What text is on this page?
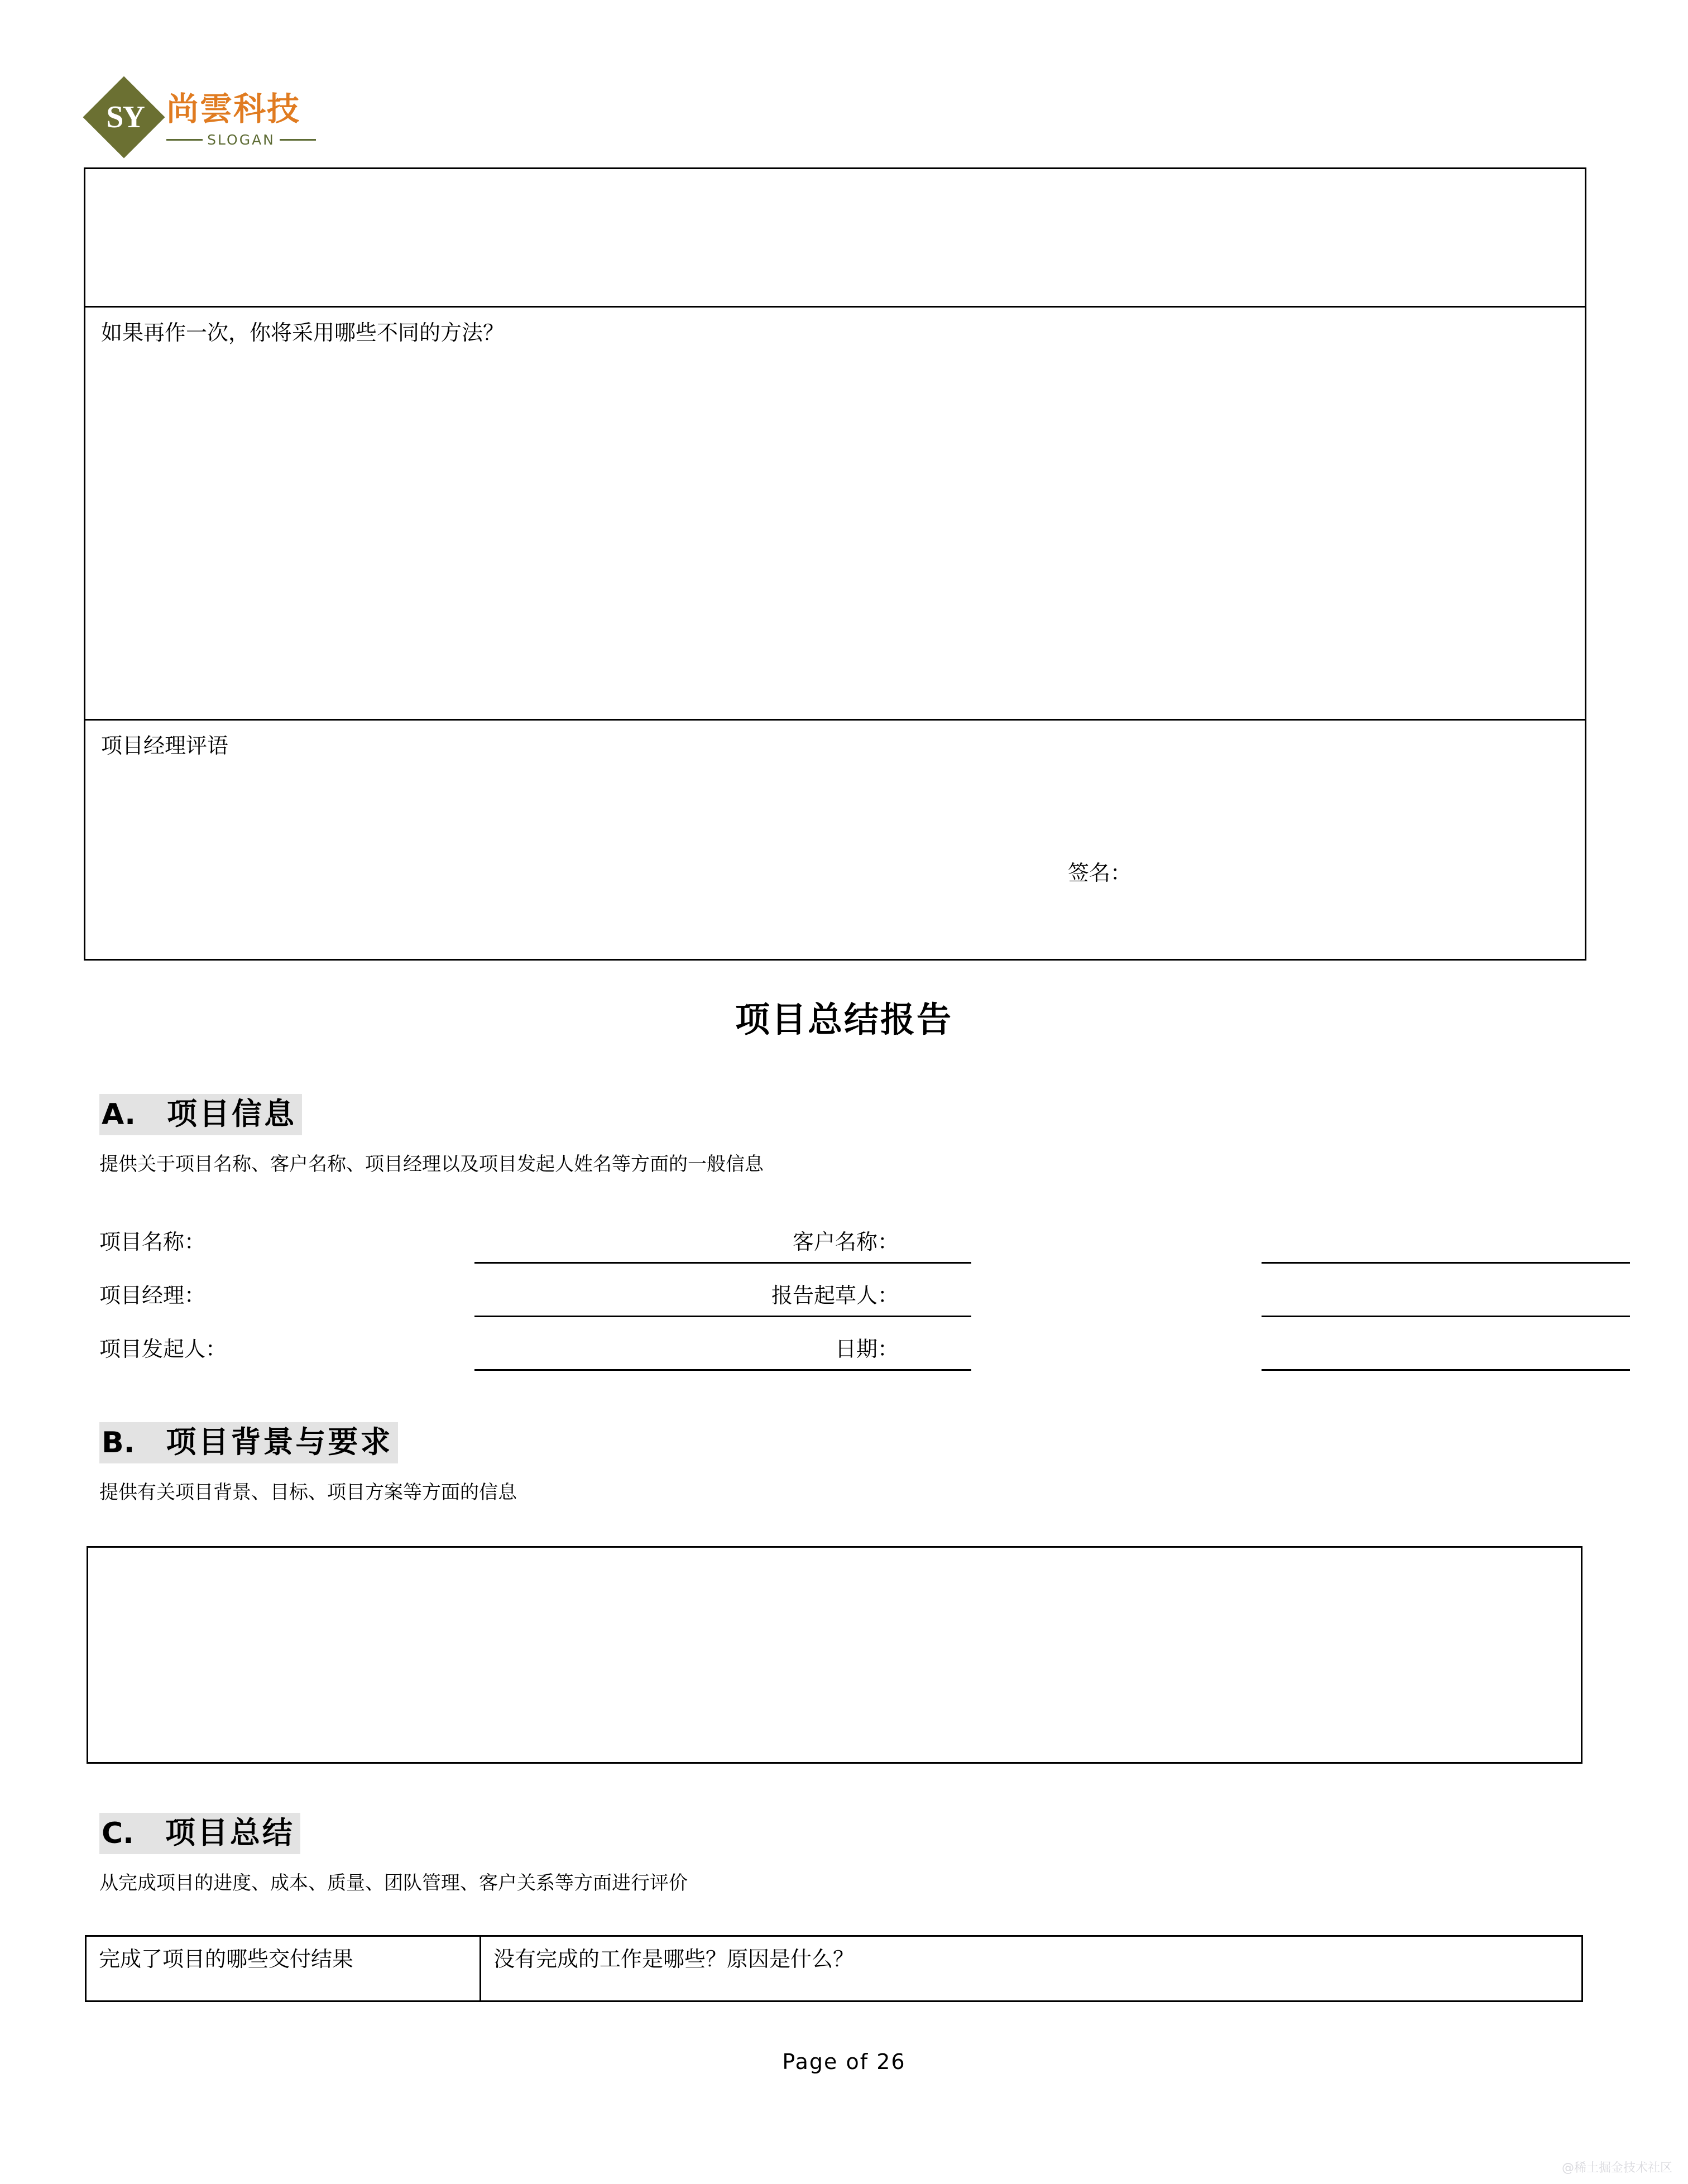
SY 尚雲科技
SLOGAN
如果再作一次，你将采用哪些不同的方法？
项目经理评语
签名：
项目总结报告
A. 项目信息
提供关于项目名称、客户名称、项目经理以及项目发起人姓名等方面的一般信息
项目名称：	客户名称：
项目经理：	报告起草人：
项目发起人：	日期：
B. 项目背景与要求
提供有关项目背景、目标、项目方案等方面的信息
C. 项目总结
从完成项目的进度、成本、质量、团队管理、客户关系等方面进行评价
完成了项目的哪些交付结果	没有完成的工作是哪些？原因是什么？
Page of 26
@稀土掘金技术社区
